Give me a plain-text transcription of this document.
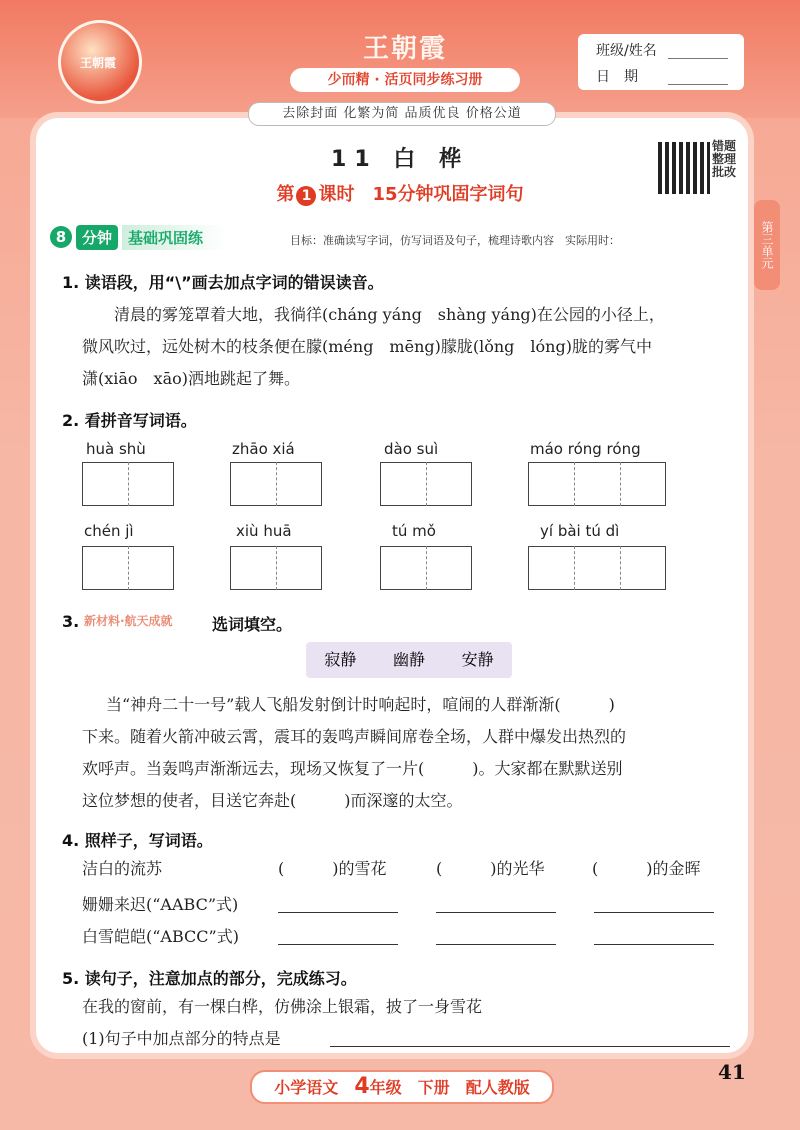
王朝霞	王朝霞
少而精 · 活页同步练习册
班级/姓名
日　期
去除封面 化繁为简 品质优良 价格公道
11 白 桦
第 1 课时　15分钟巩固字词句
错题整理批改
第三单元
8	分钟	基础巩固练	目标：准确读写字词，仿写词语及句子，梳理诗歌内容　实际用时：
1. 读语段，用“\”画去加点字词的错误读音。
清晨的雾笼罩着大地，我徜徉(cháng yáng　shàng yáng)在公园的小径上，
微风吹过，远处树木的枝条便在朦(méng　mēng)朦胧(lǒng　lóng)胧的雾气中
潇(xiāo　xāo)洒地跳起了舞。
2. 看拼音写词语。
huà shù	zhāo xiá	dào suì	máo róng róng
chén jì	xiù huā	tú mǒ	yí bài tú dì
3. 新材料·航天成就 选词填空。
寂静 幽静 安静
当“神舟二十一号”载人飞船发射倒计时响起时，喧闹的人群渐渐(　　　)
下来。随着火箭冲破云霄，震耳的轰鸣声瞬间席卷全场，人群中爆发出热烈的
欢呼声。当轰鸣声渐渐远去，现场又恢复了一片(　　　)。大家都在默默送别
这位梦想的使者，目送它奔赴(　　　)而深邃的太空。
4. 照样子，写词语。
洁白的流苏	(　　　)的雪花	(　　　)的光华	(　　　)的金晖
姗姗来迟(“AABC”式)
白雪皑皑(“ABCC”式)
5. 读句子，注意加点的部分，完成练习。
在我的窗前，有一棵白桦，仿佛涂上银霜，披了一身雪花
(1)句子中加点部分的特点是
小学语文　 4年级　 下册　 配人教版
41
